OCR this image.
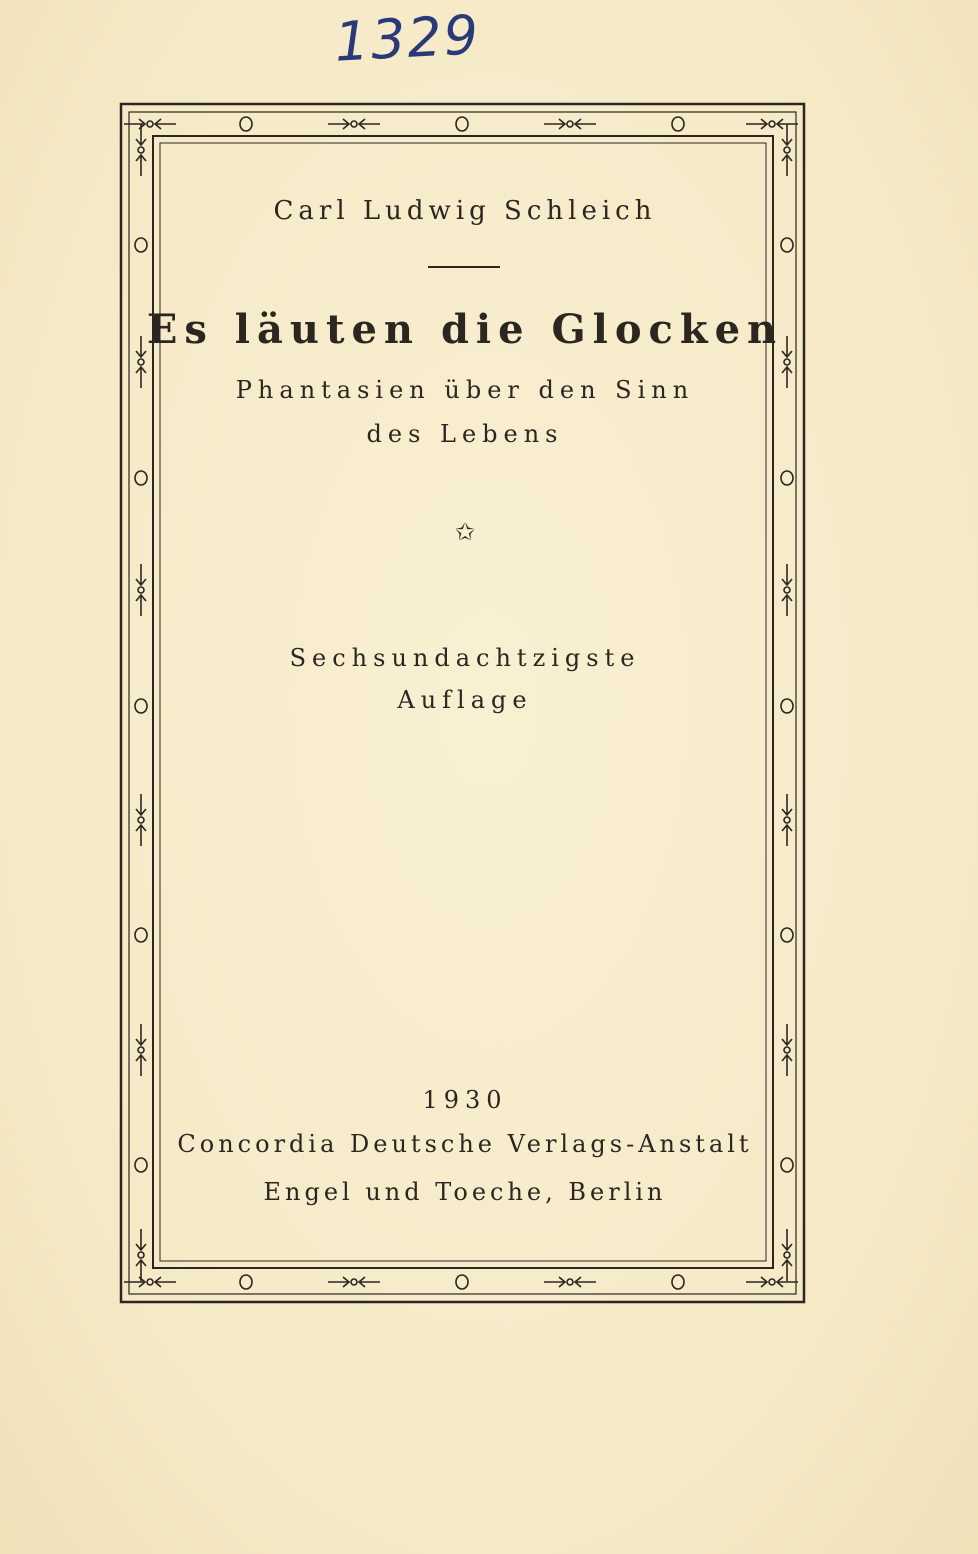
1329
Carl Ludwig Schleich
Es läuten die Glocken
Phantasien über den Sinn
des Lebens
✩
Sechsundachtzigste
Auflage
1930
Concordia Deutsche Verlags-Anstalt
Engel und Toeche, Berlin
